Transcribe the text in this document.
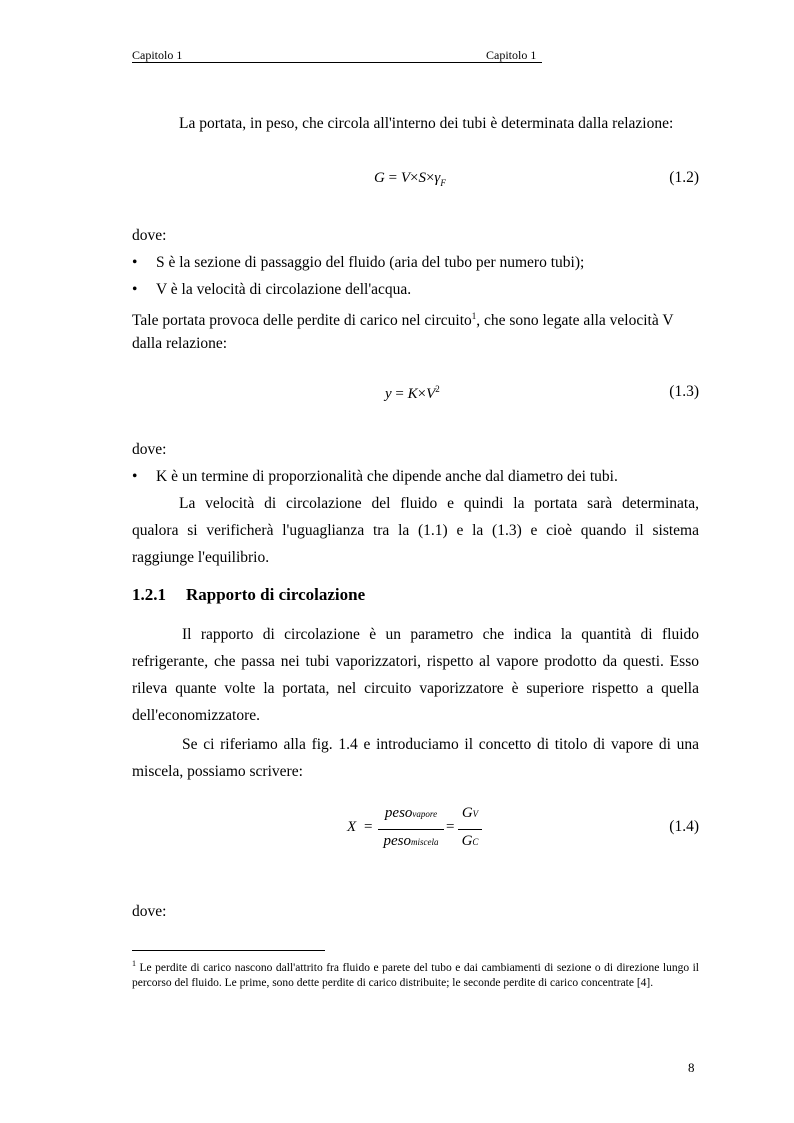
Capitolo 1	Capitolo 1
La portata, in peso, che circola all'interno dei tubi è determinata dalla relazione:
$G = V\times S\times\gamma_F$	(1.2)
dove:
• S è la sezione di passaggio del fluido (aria del tubo per numero tubi);
• V è la velocità di circolazione dell'acqua.
Tale portata provoca delle perdite di carico nel circuito$^1$, che sono legate alla velocità V
dalla relazione:
$y = K\times V^2$	(1.3)
dove:
• K è un termine di proporzionalità che dipende anche dal diametro dei tubi.
La velocità di circolazione del fluido e quindi la portata sarà determinata,
qualora si verificherà l'uguaglianza tra la (1.1) e la (1.3) e cioè quando il sistema
raggiunge l'equilibrio.
1.2.1 Rapporto di circolazione
Il rapporto di circolazione è un parametro che indica la quantità di fluido
refrigerante, che passa nei tubi vaporizzatori, rispetto al vapore prodotto da questi. Esso
rileva quante volte la portata, nel circuito vaporizzatore è superiore rispetto a quella
dell'economizzatore.
Se ci riferiamo alla fig. 1.4 e introduciamo il concetto di titolo di vapore di una
miscela, possiamo scrivere:
X =
pesovapore
pesomiscela
=
GV
GC
(1.4)
dove:
$^1$ Le perdite di carico nascono dall'attrito fra fluido e parete del tubo e dai cambiamenti di sezione o di direzione lungo il percorso del fluido. Le prime, sono dette perdite di carico distribuite; le seconde perdite di carico concentrate [4].
8
